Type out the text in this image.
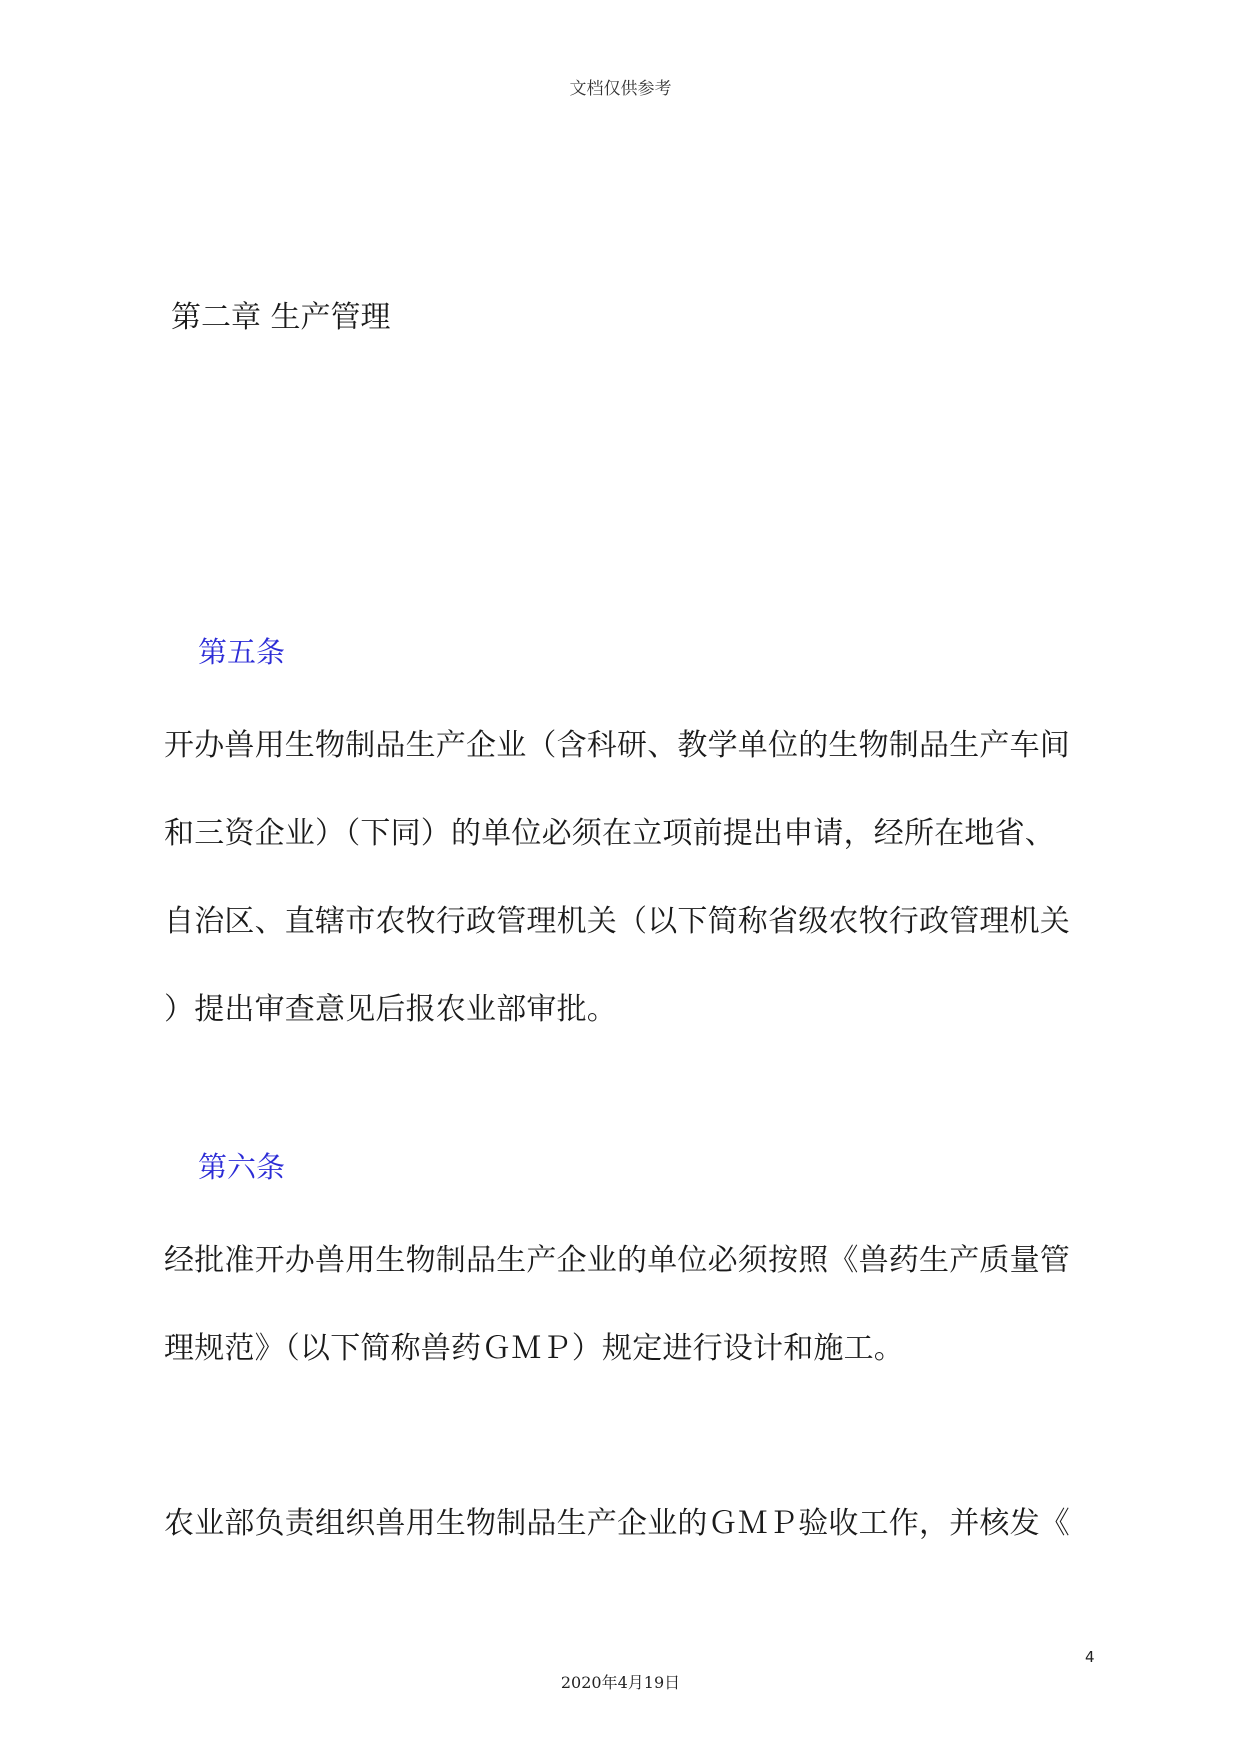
文档仅供参考
第二章 生产管理
第五条
开办兽用生物制品生产企业（含科研、教学单位的生物制品生产车间
和三资企业）（下同）的单位必须在立项前提出申请，经所在地省、
自治区、直辖市农牧行政管理机关（以下简称省级农牧行政管理机关
）提出审查意见后报农业部审批。
第六条
经批准开办兽用生物制品生产企业的单位必须按照《兽药生产质量管
理规范》（以下简称兽药ＧＭＰ）规定进行设计和施工。
农业部负责组织兽用生物制品生产企业的ＧＭＰ验收工作，并核发《
4
2020年4月19日
